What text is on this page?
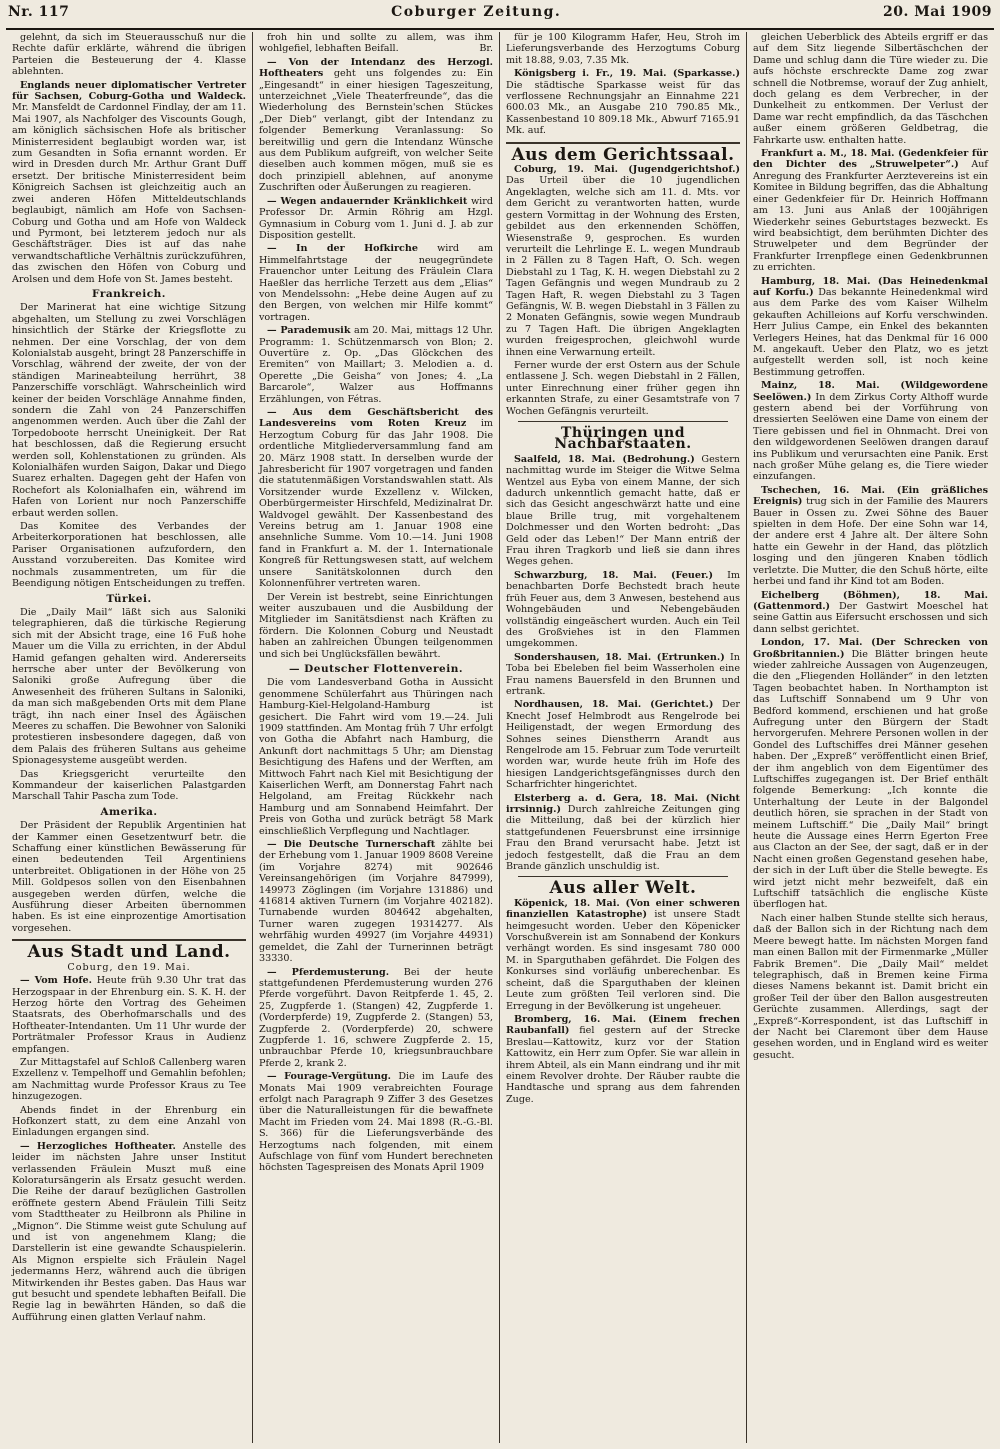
Nr. 117	Coburger Zeitung.	20. Mai 1909

gelehnt, da sich im Steuerausschuß nur die Rechte dafür erklärte, während die übrigen Parteien die Besteuerung der 4. Klasse ablehnten.

Englands neuer diplomatischer Vertreter für Sachsen, Coburg-Gotha und Waldeck. Mr. Mansfeldt de Cardonnel Findlay, der am 11. Mai 1907, als Nachfolger des Viscounts Gough, am königlich sächsischen Hofe als britischer Ministerresident beglaubigt worden war, ist zum Gesandten in Sofia ernannt worden. Er wird in Dresden durch Mr. Arthur Grant Duff ersetzt. Der britische Ministerresident beim Königreich Sachsen ist gleichzeitig auch an zwei anderen Höfen Mitteldeutschlands beglaubigt, nämlich am Hofe von Sachsen-Coburg und Gotha und am Hofe von Waldeck und Pyrmont, bei letzterem jedoch nur als Geschäftsträger. Dies ist auf das nahe verwandtschaftliche Verhältnis zurückzuführen, das zwischen den Höfen von Coburg und Arolsen und dem Hofe von St. James besteht.

Frankreich.

Der Marinerat hat eine wichtige Sitzung abgehalten, um Stellung zu zwei Vorschlägen hinsichtlich der Stärke der Kriegsflotte zu nehmen. Der eine Vorschlag, der von dem Kolonialstab ausgeht, bringt 28 Panzerschiffe in Vorschlag, während der zweite, der von der ständigen Marineabteilung herrührt, 38 Panzerschiffe vorschlägt. Wahrscheinlich wird keiner der beiden Vorschläge Annahme finden, sondern die Zahl von 24 Panzerschiffen angenommen werden. Auch über die Zahl der Torpedoboote herrscht Uneinigkeit. Der Rat hat beschlossen, daß die Regierung ersucht werden soll, Kohlenstationen zu gründen. Als Kolonialhäfen wurden Saigon, Dakar und Diego Suarez erhalten. Dagegen geht der Hafen von Rochefort als Kolonialhafen ein, während im Hafen von Lorient nur noch Panzerschiffe erbaut werden sollen.

Das Komitee des Verbandes der Arbeiterkorporationen hat beschlossen, alle Pariser Organisationen aufzufordern, den Ausstand vorzubereiten. Das Komitee wird nochmals zusammentreten, um für die Beendigung nötigen Entscheidungen zu treffen.

Türkei.

Die „Daily Mail“ läßt sich aus Saloniki telegraphieren, daß die türkische Regierung sich mit der Absicht trage, eine 16 Fuß hohe Mauer um die Villa zu errichten, in der Abdul Hamid gefangen gehalten wird. Andererseits herrsche aber unter der Bevölkerung von Saloniki große Aufregung über die Anwesenheit des früheren Sultans in Saloniki, da man sich maßgebenden Orts mit dem Plane trägt, ihn nach einer Insel des Ägäischen Meeres zu schaffen. Die Bewohner von Saloniki protestieren insbesondere dagegen, daß von dem Palais des früheren Sultans aus geheime Spionagesysteme ausgeübt werden.

Das Kriegsgericht verurteilte den Kommandeur der kaiserlichen Palastgarden Marschall Tahir Pascha zum Tode.

Amerika.

Der Präsident der Republik Argentinien hat der Kammer einen Gesetzentwurf betr. die Schaffung einer künstlichen Bewässerung für einen bedeutenden Teil Argentiniens unterbreitet. Obligationen in der Höhe von 25 Mill. Goldpesos sollen von den Eisenbahnen ausgegeben werden dürfen, welche die Ausführung dieser Arbeiten übernommen haben. Es ist eine einprozentige Amortisation vorgesehen.

Aus Stadt und Land.
Coburg, den 19. Mai.

— Vom Hofe. Heute früh 9.30 Uhr trat das Herzogspaar in der Ehrenburg ein. S. K. H. der Herzog hörte den Vortrag des Geheimen Staatsrats, des Oberhofmarschalls und des Hoftheater-Intendanten. Um 11 Uhr wurde der Porträtmaler Professor Kraus in Audienz empfangen.

Zur Mittagstafel auf Schloß Callenberg waren Exzellenz v. Tempelhoff und Gemahlin befohlen; am Nachmittag wurde Professor Kraus zu Tee hinzugezogen.

Abends findet in der Ehrenburg ein Hofkonzert statt, zu dem eine Anzahl von Einladungen ergangen sind.

— Herzogliches Hoftheater. Anstelle des leider im nächsten Jahre unser Institut verlassenden Fräulein Muszt muß eine Koloratursängerin als Ersatz gesucht werden. Die Reihe der darauf bezüglichen Gastrollen eröffnete gestern Abend Fräulein Tilli Seitz vom Stadttheater zu Heilbronn als Philine in „Mignon“. Die Stimme weist gute Schulung auf und ist von angenehmem Klang; die Darstellerin ist eine gewandte Schauspielerin. Als Mignon erspielte sich Fräulein Nagel jedermanns Herz, während auch die übrigen Mitwirkenden ihr Bestes gaben. Das Haus war gut besucht und spendete lebhaften Beifall. Die Regie lag in bewährten Händen, so daß die Aufführung einen glatten Verlauf nahm.

froh hin und sollte zu allem, was ihm wohlgefiel, lebhaften Beifall.	Br.

— Von der Intendanz des Herzogl. Hoftheaters geht uns folgendes zu: Ein „Eingesandt“ in einer hiesigen Tageszeitung, unterzeichnet „Viele Theaterfreunde“, das die Wiederholung des Bernstein'schen Stückes „Der Dieb“ verlangt, gibt der Intendanz zu folgender Bemerkung Veranlassung: So bereitwillig und gern die Intendanz Wünsche aus dem Publikum aufgreift, von welcher Seite dieselben auch kommen mögen, muß sie es doch prinzipiell ablehnen, auf anonyme Zuschriften oder Äußerungen zu reagieren.

— Wegen andauernder Kränklichkeit wird Professor Dr. Armin Röhrig am Hzgl. Gymnasium in Coburg vom 1. Juni d. J. ab zur Disposition gestellt.

— In der Hofkirche wird am Himmelfahrtstage der neugegründete Frauenchor unter Leitung des Fräulein Clara Haeßler das herrliche Terzett aus dem „Elias“ von Mendelssohn: „Hebe deine Augen auf zu den Bergen, von welchen mir Hilfe kommt“ vortragen.

— Parademusik am 20. Mai, mittags 12 Uhr. Programm: 1. Schützenmarsch von Blon; 2. Ouvertüre z. Op. „Das Glöckchen des Eremiten“ von Maillart; 3. Melodien a. d. Operette „Die Geisha“ von Jones; 4. „La Barcarole“, Walzer aus Hoffmanns Erzählungen, von Fétras.

— Aus dem Geschäftsbericht des Landesvereins vom Roten Kreuz im Herzogtum Coburg für das Jahr 1908. Die ordentliche Mitgliederversammlung fand am 20. März 1908 statt. In derselben wurde der Jahresbericht für 1907 vorgetragen und fanden die statutenmäßigen Vorstandswahlen statt. Als Vorsitzender wurde Exzellenz v. Wilcken, Oberbürgermeister Hirschfeld, Medizinalrat Dr. Waldvogel gewählt. Der Kassenbestand des Vereins betrug am 1. Januar 1908 eine ansehnliche Summe. Vom 10.—14. Juni 1908 fand in Frankfurt a. M. der 1. Internationale Kongreß für Rettungswesen statt, auf welchem unsere Sanitätskolonnen durch den Kolonnenführer vertreten waren.

Der Verein ist bestrebt, seine Einrichtungen weiter auszubauen und die Ausbildung der Mitglieder im Sanitätsdienst nach Kräften zu fördern. Die Kolonnen Coburg und Neustadt haben an zahlreichen Übungen teilgenommen und sich bei Unglücksfällen bewährt.

— Deutscher Flottenverein.

Die vom Landesverband Gotha in Aussicht genommene Schülerfahrt aus Thüringen nach Hamburg-Kiel-Helgoland-Hamburg ist gesichert. Die Fahrt wird vom 19.—24. Juli 1909 stattfinden. Am Montag früh 7 Uhr erfolgt von Gotha die Abfahrt nach Hamburg, die Ankunft dort nachmittags 5 Uhr; am Dienstag Besichtigung des Hafens und der Werften, am Mittwoch Fahrt nach Kiel mit Besichtigung der Kaiserlichen Werft, am Donnerstag Fahrt nach Helgoland, am Freitag Rückkehr nach Hamburg und am Sonnabend Heimfahrt. Der Preis von Gotha und zurück beträgt 58 Mark einschließlich Verpflegung und Nachtlager.

— Die Deutsche Turnerschaft zählte bei der Erhebung vom 1. Januar 1909 8608 Vereine (im Vorjahre 8274) mit 902646 Vereinsangehörigen (im Vorjahre 847999), 149973 Zöglingen (im Vorjahre 131886) und 416814 aktiven Turnern (im Vorjahre 402182). Turnabende wurden 804642 abgehalten, Turner waren zugegen 19314277. Als wehrfähig wurden 49927 (im Vorjahre 44931) gemeldet, die Zahl der Turnerinnen beträgt 33330.

— Pferdemusterung. Bei der heute stattgefundenen Pferdemusterung wurden 276 Pferde vorgeführt. Davon Reitpferde 1. 45, 2. 25, Zugpferde 1. (Stangen) 42, Zugpferde 1. (Vorderpferde) 19, Zugpferde 2. (Stangen) 53, Zugpferde 2. (Vorderpferde) 20, schwere Zugpferde 1. 16, schwere Zugpferde 2. 15, unbrauchbar Pferde 10, kriegsunbrauchbare Pferde 2, krank 2.

— Fourage-Vergütung. Die im Laufe des Monats Mai 1909 verabreichten Fourage erfolgt nach Paragraph 9 Ziffer 3 des Gesetzes über die Naturalleistungen für die bewaffnete Macht im Frieden vom 24. Mai 1898 (R.-G.-Bl. S. 366) für die Lieferungsverbände des Herzogtums nach folgenden, mit einem Aufschlage von fünf vom Hundert berechneten höchsten Tagespreisen des Monats April 1909

für je 100 Kilogramm Hafer, Heu, Stroh im Lieferungsverbande des Herzogtums Coburg mit 18.88, 9.03, 7.35 Mk.

Königsberg i. Fr., 19. Mai. (Sparkasse.) Die städtische Sparkasse weist für das verflossene Rechnungsjahr an Einnahme 221 600.03 Mk., an Ausgabe 210 790.85 Mk., Kassenbestand 10 809.18 Mk., Abwurf 7165.91 Mk. auf.

Aus dem Gerichtssaal.

Coburg, 19. Mai. (Jugendgerichtshof.) Das Urteil über die 10 jugendlichen Angeklagten, welche sich am 11. d. Mts. vor dem Gericht zu verantworten hatten, wurde gestern Vormittag in der Wohnung des Ersten, gebildet aus den erkennenden Schöffen, Wiesenstraße 9, gesprochen. Es wurden verurteilt die Lehrlinge E. L. wegen Mundraub in 2 Fällen zu 8 Tagen Haft, O. Sch. wegen Diebstahl zu 1 Tag, K. H. wegen Diebstahl zu 2 Tagen Gefängnis und wegen Mundraub zu 2 Tagen Haft, R. wegen Diebstahl zu 3 Tagen Gefängnis, W. B. wegen Diebstahl in 3 Fällen zu 2 Monaten Gefängnis, sowie wegen Mundraub zu 7 Tagen Haft. Die übrigen Angeklagten wurden freigesprochen, gleichwohl wurde ihnen eine Verwarnung erteilt.

Ferner wurde der erst Ostern aus der Schule entlassene J. Sch. wegen Diebstahl in 2 Fällen, unter Einrechnung einer früher gegen ihn erkannten Strafe, zu einer Gesamtstrafe von 7 Wochen Gefängnis verurteilt.

Thüringen und Nachbarstaaten.

Saalfeld, 18. Mai. (Bedrohung.) Gestern nachmittag wurde im Steiger die Witwe Selma Wentzel aus Eyba von einem Manne, der sich dadurch unkenntlich gemacht hatte, daß er sich das Gesicht angeschwärzt hatte und eine blaue Brille trug, mit vorgehaltenem Dolchmesser und den Worten bedroht: „Das Geld oder das Leben!“ Der Mann entriß der Frau ihren Tragkorb und ließ sie dann ihres Weges gehen.

Schwarzburg, 18. Mai. (Feuer.) Im benachbarten Dorfe Bechstedt brach heute früh Feuer aus, dem 3 Anwesen, bestehend aus Wohngebäuden und Nebengebäuden vollständig eingeäschert wurden. Auch ein Teil des Großviehes ist in den Flammen umgekommen.

Sondershausen, 18. Mai. (Ertrunken.) In Toba bei Ebeleben fiel beim Wasserholen eine Frau namens Bauersfeld in den Brunnen und ertrank.

Nordhausen, 18. Mai. (Gerichtet.) Der Knecht Josef Helmbrodt aus Rengelrode bei Heiligenstadt, der wegen Ermordung des Sohnes seines Dienstherrn Arandt aus Rengelrode am 15. Februar zum Tode verurteilt worden war, wurde heute früh im Hofe des hiesigen Landgerichtsgefängnisses durch den Scharfrichter hingerichtet.

Elsterberg a. d. Gera, 18. Mai. (Nicht irrsinnig.) Durch zahlreiche Zeitungen ging die Mitteilung, daß bei der kürzlich hier stattgefundenen Feuersbrunst eine irrsinnige Frau den Brand verursacht habe. Jetzt ist jedoch festgestellt, daß die Frau an dem Brande gänzlich unschuldig ist.

Aus aller Welt.

Köpenick, 18. Mai. (Von einer schweren finanziellen Katastrophe) ist unsere Stadt heimgesucht worden. Ueber den Köpenicker Vorschußverein ist am Sonnabend der Konkurs verhängt worden. Es sind insgesamt 780 000 M. in Sparguthaben gefährdet. Die Folgen des Konkurses sind vorläufig unberechenbar. Es scheint, daß die Sparguthaben der kleinen Leute zum größten Teil verloren sind. Die Erregung in der Bevölkerung ist ungeheuer.

Bromberg, 16. Mai. (Einem frechen Raubanfall) fiel gestern auf der Strecke Breslau—Kattowitz, kurz vor der Station Kattowitz, ein Herr zum Opfer. Sie war allein in ihrem Abteil, als ein Mann eindrang und ihr mit einem Revolver drohte. Der Räuber raubte die Handtasche und sprang aus dem fahrenden Zuge.

gleichen Ueberblick des Abteils ergriff er das auf dem Sitz liegende Silbertäschchen der Dame und schlug dann die Türe wieder zu. Die aufs höchste erschreckte Dame zog zwar schnell die Notbremse, worauf der Zug anhielt, doch gelang es dem Verbrecher, in der Dunkelheit zu entkommen. Der Verlust der Dame war recht empfindlich, da das Täschchen außer einem größeren Geldbetrag, die Fahrkarte usw. enthalten hatte.

Frankfurt a. M., 18. Mai. (Gedenkfeier für den Dichter des „Struwelpeter“.) Auf Anregung des Frankfurter Aerztevereins ist ein Komitee in Bildung begriffen, das die Abhaltung einer Gedenkfeier für Dr. Heinrich Hoffmann am 13. Juni aus Anlaß der 100jährigen Wiederkehr seines Geburtstages bezweckt. Es wird beabsichtigt, dem berühmten Dichter des Struwelpeter und dem Begründer der Frankfurter Irrenpflege einen Gedenkbrunnen zu errichten.

Hamburg, 18. Mai. (Das Heinedenkmal auf Korfu.) Das bekannte Heinedenkmal wird aus dem Parke des vom Kaiser Wilhelm gekauften Achilleions auf Korfu verschwinden. Herr Julius Campe, ein Enkel des bekannten Verlegers Heines, hat das Denkmal für 16 000 M. angekauft. Ueber den Platz, wo es jetzt aufgestellt werden soll, ist noch keine Bestimmung getroffen.

Mainz, 18. Mai. (Wildgewordene Seelöwen.) In dem Zirkus Corty Althoff wurde gestern abend bei der Vorführung von dressierten Seelöwen eine Dame von einem der Tiere gebissen und fiel in Ohnmacht. Drei von den wildgewordenen Seelöwen drangen darauf ins Publikum und verursachten eine Panik. Erst nach großer Mühe gelang es, die Tiere wieder einzufangen.

Tschechen, 16. Mai. (Ein gräßliches Ereignis) trug sich in der Familie des Maurers Bauer in Ossen zu. Zwei Söhne des Bauer spielten in dem Hofe. Der eine Sohn war 14, der andere erst 4 Jahre alt. Der ältere Sohn hatte ein Gewehr in der Hand, das plötzlich losging und den jüngeren Knaben tödlich verletzte. Die Mutter, die den Schuß hörte, eilte herbei und fand ihr Kind tot am Boden.

Eichelberg (Böhmen), 18. Mai. (Gattenmord.) Der Gastwirt Moeschel hat seine Gattin aus Eifersucht erschossen und sich dann selbst gerichtet.

London, 17. Mai. (Der Schrecken von Großbritannien.) Die Blätter bringen heute wieder zahlreiche Aussagen von Augenzeugen, die den „Fliegenden Holländer“ in den letzten Tagen beobachtet haben. In Northampton ist das Luftschiff Sonnabend um 9 Uhr von Bedford kommend, erschienen und hat große Aufregung unter den Bürgern der Stadt hervorgerufen. Mehrere Personen wollen in der Gondel des Luftschiffes drei Männer gesehen haben. Der „Expreß“ veröffentlicht einen Brief, der ihm angeblich von dem Eigentümer des Luftschiffes zugegangen ist. Der Brief enthält folgende Bemerkung: „Ich konnte die Unterhaltung der Leute in der Balgondel deutlich hören, sie sprachen in der Stadt von meinem Luftschiff.“ Die „Daily Mail“ bringt heute die Aussage eines Herrn Egerton Free aus Clacton an der See, der sagt, daß er in der Nacht einen großen Gegenstand gesehen habe, der sich in der Luft über die Stelle bewegte. Es wird jetzt nicht mehr bezweifelt, daß ein Luftschiff tatsächlich die englische Küste überflogen hat.

Nach einer halben Stunde stellte sich heraus, daß der Ballon sich in der Richtung nach dem Meere bewegt hatte. Im nächsten Morgen fand man einen Ballon mit der Firmenmarke „Müller Fabrik Bremen“. Die „Daily Mail“ meldet telegraphisch, daß in Bremen keine Firma dieses Namens bekannt ist. Damit bricht ein großer Teil der über den Ballon ausgestreuten Gerüchte zusammen. Allerdings, sagt der „Expreß“-Korrespondent, ist das Luftschiff in der Nacht bei Claremont über dem Hause gesehen worden, und in England wird es weiter gesucht.
